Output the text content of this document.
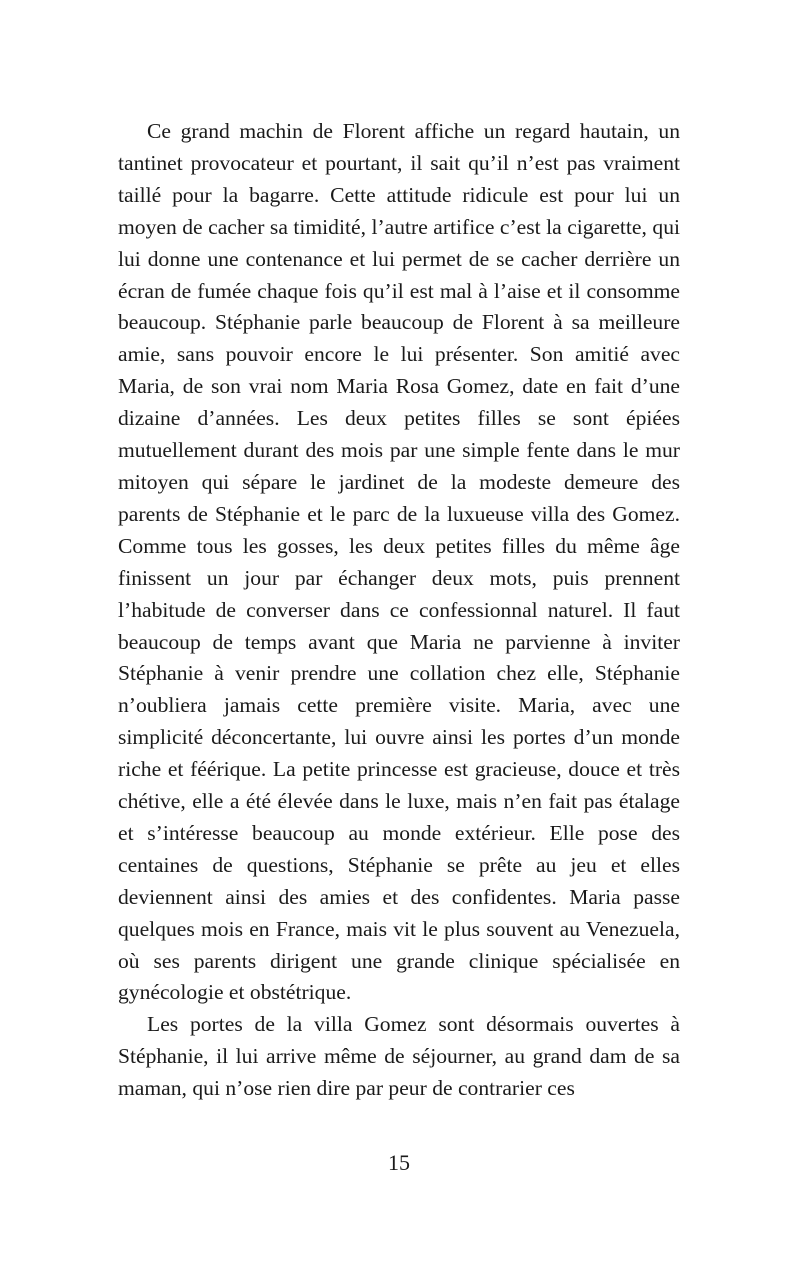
Ce grand machin de Florent affiche un regard hautain, un tantinet provocateur et pourtant, il sait qu’il n’est pas vraiment taillé pour la bagarre. Cette attitude ridicule est pour lui un moyen de cacher sa timidité, l’autre artifice c’est la cigarette, qui lui donne une contenance et lui permet de se cacher derrière un écran de fumée chaque fois qu’il est mal à l’aise et il consomme beaucoup. Stéphanie parle beaucoup de Florent à sa meilleure amie, sans pouvoir encore le lui présenter. Son amitié avec Maria, de son vrai nom Maria Rosa Gomez, date en fait d’une dizaine d’années. Les deux petites filles se sont épiées mutuellement durant des mois par une simple fente dans le mur mitoyen qui sépare le jardinet de la modeste demeure des parents de Stéphanie et le parc de la luxueuse villa des Gomez. Comme tous les gosses, les deux petites filles du même âge finissent un jour par échanger deux mots, puis prennent l’habitude de converser dans ce confessionnal naturel. Il faut beaucoup de temps avant que Maria ne parvienne à inviter Stéphanie à venir prendre une collation chez elle, Stéphanie n’oubliera jamais cette première visite. Maria, avec une simplicité déconcertante, lui ouvre ainsi les portes d’un monde riche et féérique. La petite princesse est gracieuse, douce et très chétive, elle a été élevée dans le luxe, mais n’en fait pas étalage et s’intéresse beaucoup au monde extérieur. Elle pose des centaines de questions, Stéphanie se prête au jeu et elles deviennent ainsi des amies et des confidentes. Maria passe quelques mois en France, mais vit le plus souvent au Venezuela, où ses parents dirigent une grande clinique spécialisée en gynécologie et obstétrique.

Les portes de la villa Gomez sont désormais ouvertes à Stéphanie, il lui arrive même de séjourner, au grand dam de sa maman, qui n’ose rien dire par peur de contrarier ces

15
